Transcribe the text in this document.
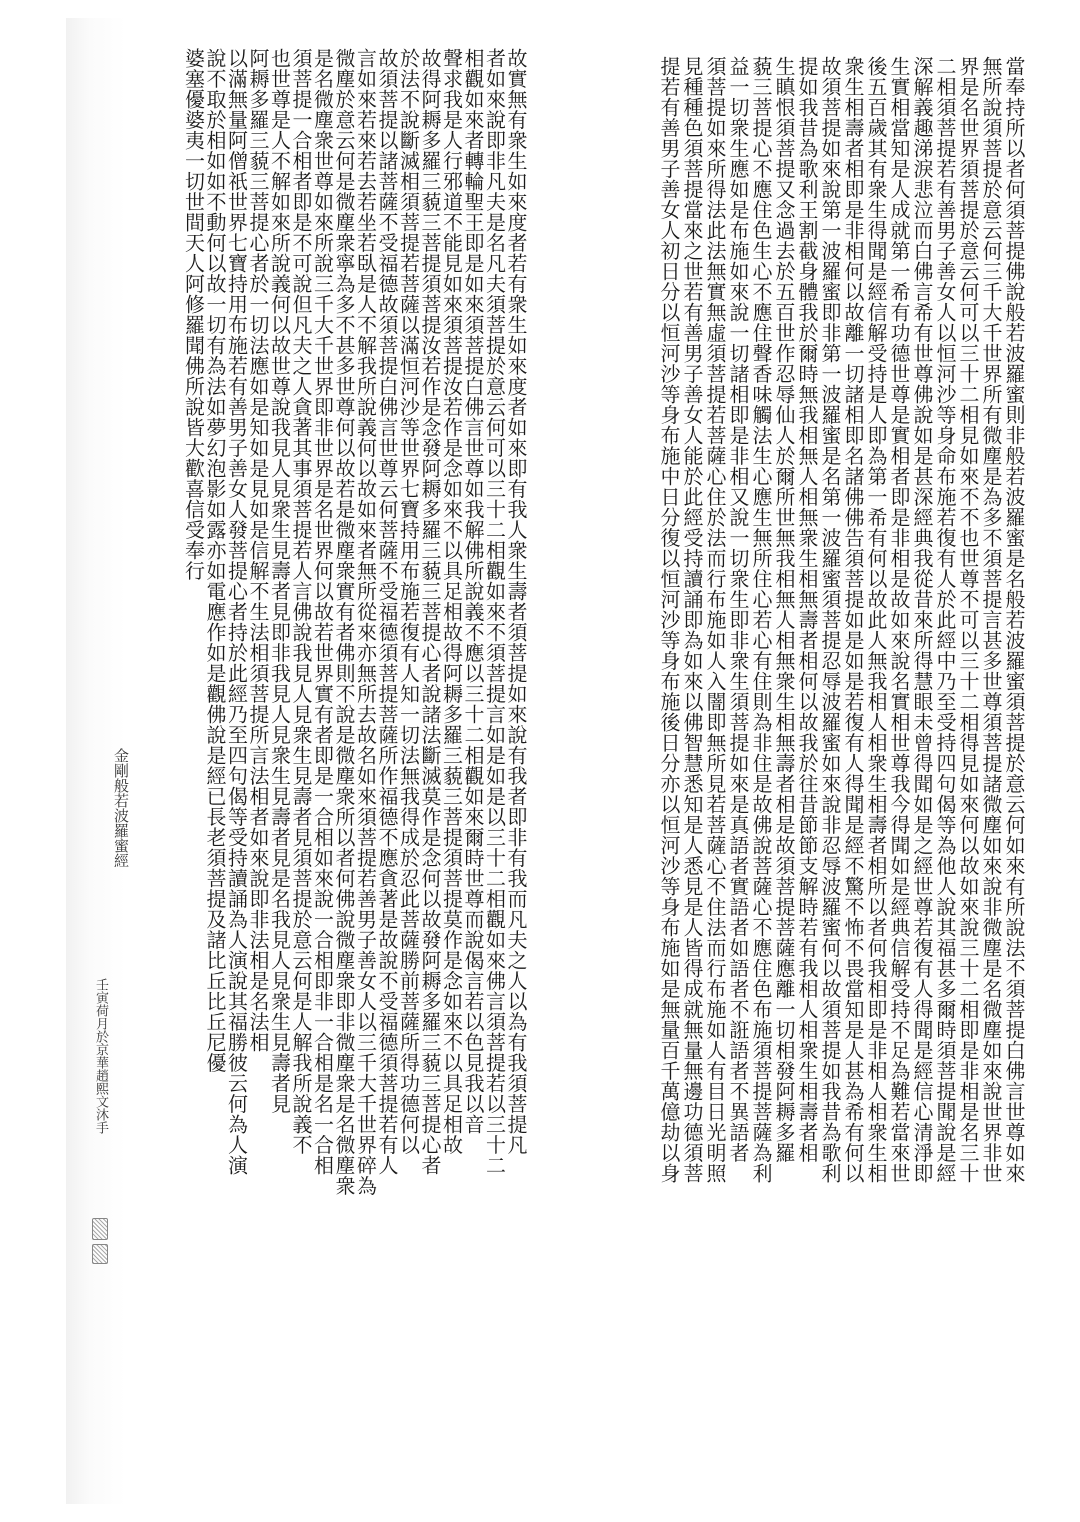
故實無有衆生如來度者若有衆生如來度者如來即有我人衆生壽者須菩提如來說有我者即非有我而凡夫之人以為有我須菩提凡
者如來說即非凡夫是名凡夫須菩提於意云何可以三十二相觀如來不須菩提言如是如是以三十二相觀如來佛言須菩提若以三十二
相觀如來者轉輪聖王即是如來須菩提白佛言世尊如我解佛所說義不應以三十二相觀如來爾時世尊而說偈言若以色見我以音
聲求我是人行邪道不能見如來須菩提汝若作是念如來不以具足相故得阿耨多羅三藐三菩提須菩提莫作是念如來不以具足相故
故得阿耨多羅三藐三菩提須菩提汝若作是念發阿耨多羅三藐三菩提心者說諸法斷滅莫作是念何以故發阿耨多羅三藐三菩提心者
於法不說斷滅相須菩提若菩薩以滿恒河沙等世界七寶持用布施若復有人知一切法無我得成於忍此菩薩勝前菩薩所得功德何以
故須菩提以諸菩薩不受福德故須菩提白佛言世尊云何菩薩不受福德須菩提菩薩所作福德不應貪著是故說不受福德須菩提若有人
言如來若來若去若坐若臥是人不解我所說義何以故如來者無所從來亦無所去故名如來須菩提若善男子善女人以三千大千世界碎為
微塵於意云何是微塵衆寧為多不甚多世尊何以故若是微塵衆實有者佛則不說是微塵衆所以者何佛說微塵衆即非微塵衆是名微塵衆
是名微塵衆世尊如來所說三千大千世界即非世界是名世界何以故若世界實有者即是一合相如來說一合相即非一合相是名一合相
須菩提一合相者即是不可說但凡夫之人貪著其事須菩提若人言佛說我見人見衆生見壽者見須菩提於意云何是人解我所說義不
也世尊是人不解如來所說義何以故世尊說我見人見衆生見壽者見即非我見人見衆生見壽者見是名我見人見衆生見壽者見
阿耨多羅三藐三菩提心者於一切法應如是知如是見如是信解不生法相須菩提所言法相者如來說即非法相是名法相
以滿無量阿僧祇世界七寶持用布施若有善男子善女人發菩提心者持於此經乃至四句偈等受持讀誦為人演說其福勝彼云何為人演
說不取於相如如不動何以故一切有為法如夢幻泡影如露亦如電應作如是觀佛說是經已長老須菩提及諸比丘比丘尼優
婆塞優婆夷一切世間天人阿修羅聞佛所說皆大歡喜信受奉行
金剛般若波羅蜜經
壬寅荷月於京華趙熙文沐手	當奉持所以者何須菩提佛說般若波羅蜜則非般若波羅蜜是名般若波羅蜜須菩提於意云何如來有所說法不須菩提白佛言世尊如來
無所說須菩提於意云何三千大千世界所有微塵是為多不須菩提言甚多世尊須菩提諸微塵如來說非微塵是名微塵如來說世界非世
界是名世界須菩提於意云何可以三十二相見如來不不也世尊不可以三十二相得見如來何以故如來說三十二相即是非相是名三十
二相須菩提若有善男子善女人以恒河沙等身命布施若復有人於此經中乃至受持四句偈等為他人說其福甚多爾時須菩提聞說是經
深解義趣涕淚悲泣而白佛言希有世尊佛說如是甚深經典我從昔來所得慧眼未曾得聞如是之經世尊若復有人得聞是經信心清淨即
生實相當知是人成就第一希有功德世尊是實相者即是非相是故如來說名實相世尊我今得聞如是經典信解受持不足為難若當來世
後五百歲其有衆生得聞是經信解受持是人即為第一希有何以故此人無我相人相衆生相壽者相所以者何我相即是非相人相衆生相
衆生相壽者相即是非相何以故離一切諸相即名諸佛佛告須菩提如是如是若復有人得聞是經不驚不怖不畏當知是人甚為希有何以
故須菩提如來說第一波羅蜜即非第一波羅蜜是名第一波羅蜜須菩提忍辱波羅蜜如來說非忍辱波羅蜜何以故須菩提如我昔為歌利
提如我昔為歌利王割截身體我於爾時無我相無人相無衆生相無壽者相何以故我於往昔節節支解時若有我相人相衆生相壽者相
生瞋恨須菩提又念過去於五百世作忍辱仙人於爾所世無我相無人相無衆生相無壽者相是故須菩提菩薩應離一切相發阿耨多羅
藐三菩提心不應住色生心不應住聲香味觸法生心應生無所住心若心有住則為非住是故佛說菩薩心不應住色布施須菩提菩薩為利
益一切衆生應如是布施如來說一切諸相即是非相又說一切衆生即非衆生須菩提如來是真語者實語者如語者不誑語者不異語者
須菩提如來所得法此法無實無虛須菩提若菩薩心住於法而行布施如人入闇即無所見若菩薩心不住法而行布施如人有目日光明照
見種種色須菩提當來之世若有善男子善女人能於此經受持讀誦即為如來以佛智慧悉知是人悉見是人皆得成就無量無邊功德須菩
提若有善男子善女人初日分以恒河沙等身布施中日分復以恒河沙等身布施後日分亦以恒河沙等身布施如是無量百千萬億劫以身
